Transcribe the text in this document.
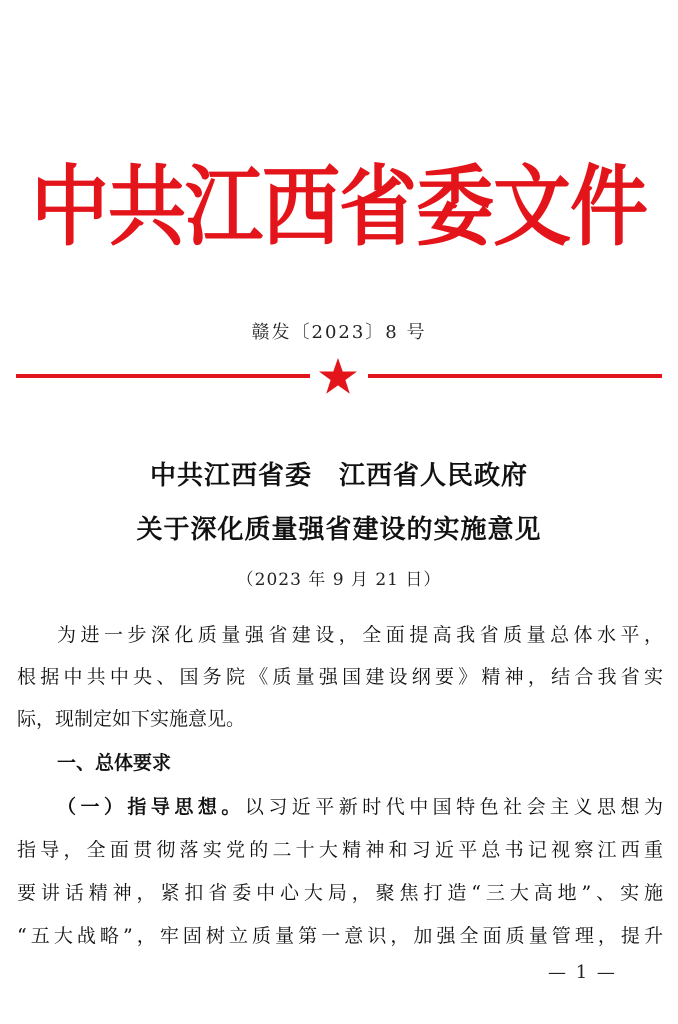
中共江西省委文件
赣发〔2023〕8 号
中共江西省委　江西省人民政府
关于深化质量强省建设的实施意见
（2023 年 9 月 21 日）
为进一步深化质量强省建设，全面提高我省质量总体水平，
根据中共中央、国务院《质量强国建设纲要》精神，结合我省实
际，现制定如下实施意见。
一、总体要求
（一）指导思想。以习近平新时代中国特色社会主义思想为
指导，全面贯彻落实党的二十大精神和习近平总书记视察江西重
要讲话精神，紧扣省委中心大局，聚焦打造“三大高地”、实施
“五大战略”，牢固树立质量第一意识，加强全面质量管理，提升
— 1 —
